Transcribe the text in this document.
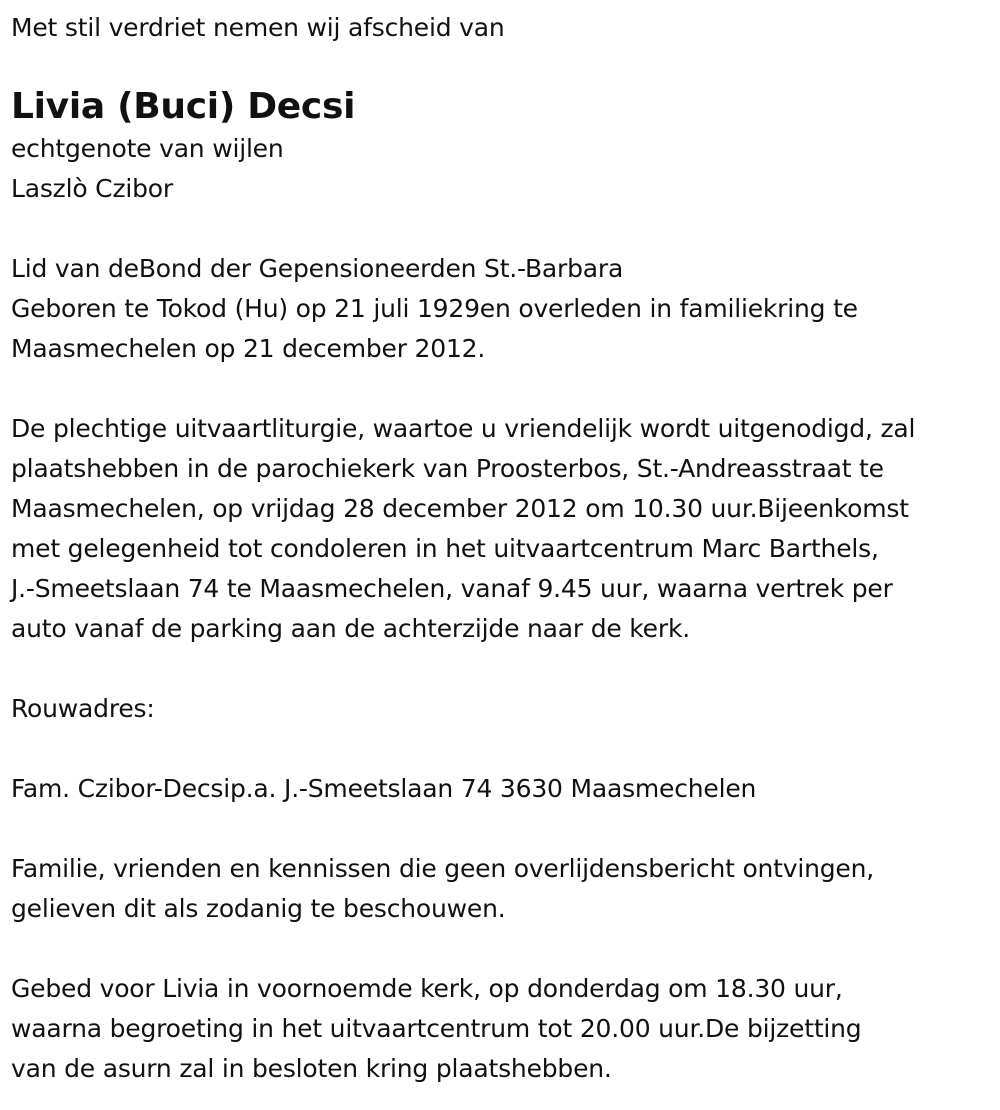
Met stil verdriet nemen wij afscheid van
Livia (Buci) Decsi
echtgenote van wijlen
Laszlò Czibor
Lid van deBond der Gepensioneerden St.-Barbara
Geboren te Tokod (Hu) op 21 juli 1929en overleden in familiekring te
Maasmechelen op 21 december 2012.
De plechtige uitvaartliturgie, waartoe u vriendelijk wordt uitgenodigd, zal
plaatshebben in de parochiekerk van Proosterbos, St.-Andreasstraat te
Maasmechelen, op vrijdag 28 december 2012 om 10.30 uur.Bijeenkomst
met gelegenheid tot condoleren in het uitvaartcentrum Marc Barthels,
J.-Smeetslaan 74 te Maasmechelen, vanaf 9.45 uur, waarna vertrek per
auto vanaf de parking aan de achterzijde naar de kerk.
Rouwadres:
Fam. Czibor-Decsip.a. J.-Smeetslaan 74 3630 Maasmechelen
Familie, vrienden en kennissen die geen overlijdensbericht ontvingen,
gelieven dit als zodanig te beschouwen.
Gebed voor Livia in voornoemde kerk, op donderdag om 18.30 uur,
waarna begroeting in het uitvaartcentrum tot 20.00 uur.De bijzetting
van de asurn zal in besloten kring plaatshebben.
